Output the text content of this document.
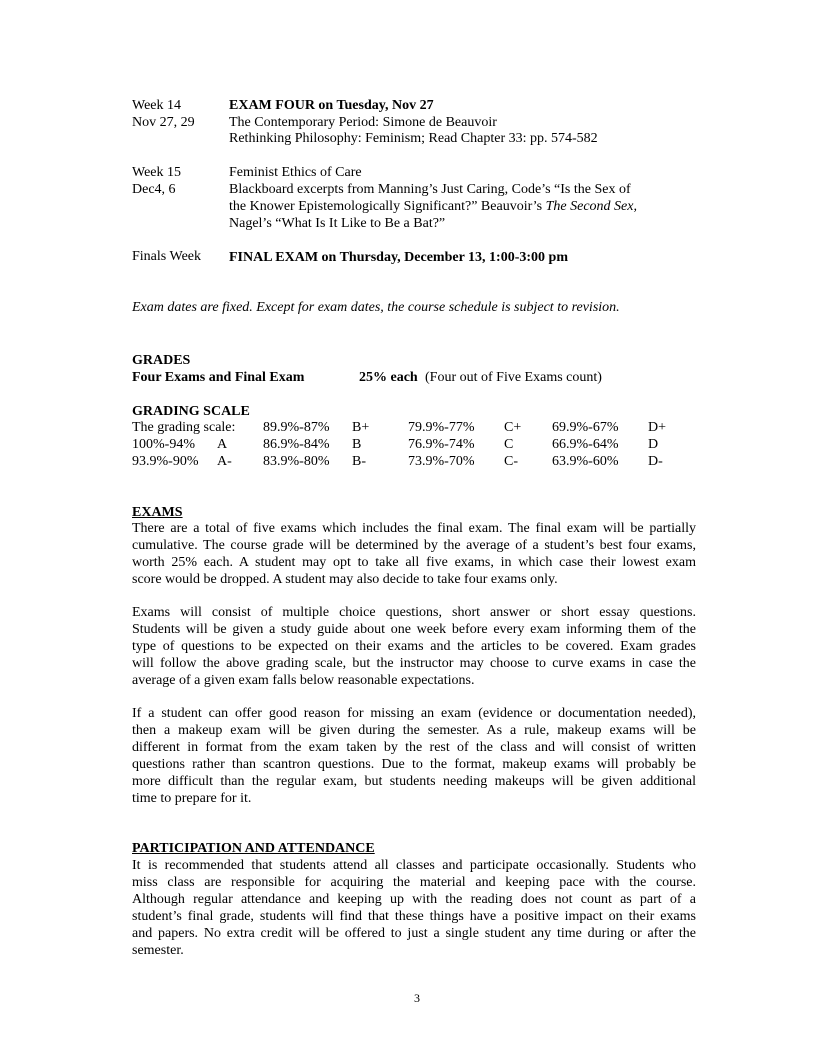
Week 14	EXAM FOUR on Tuesday, Nov 27
Nov 27, 29 The Contemporary Period: Simone de Beauvoir
Rethinking Philosophy: Feminism; Read Chapter 33: pp. 574-582
Week 15	Feminist Ethics of Care
Dec4, 6	Blackboard excerpts from Manning’s Just Caring, Code’s “Is the Sex of
the Knower Epistemologically Significant?” Beauvoir’s The Second Sex,
Nagel’s “What Is It Like to Be a Bat?”
Finals Week FINAL EXAM on Thursday, December 13, 1:00-3:00 pm
Exam dates are fixed. Except for exam dates, the course schedule is subject to revision.
GRADES
Four Exams and Final Exam	25% each (Four out of Five Exams count)
GRADING SCALE
The grading scale: 89.9%-87% B+	79.9%-77% C+ 69.9%-67% D+
100%-94% A	86.9%-84% B	76.9%-74% C	66.9%-64% D
93.9%-90% A- 83.9%-80% B-	73.9%-70% C- 63.9%-60% D-
EXAMS
There are a total of five exams which includes the final exam. The final exam will be partially
cumulative. The course grade will be determined by the average of a student’s best four exams,
worth 25% each. A student may opt to take all five exams, in which case their lowest exam
score would be dropped. A student may also decide to take four exams only.
Exams will consist of multiple choice questions, short answer or short essay questions.
Students will be given a study guide about one week before every exam informing them of the
type of questions to be expected on their exams and the articles to be covered. Exam grades
will follow the above grading scale, but the instructor may choose to curve exams in case the
average of a given exam falls below reasonable expectations.
If a student can offer good reason for missing an exam (evidence or documentation needed),
then a makeup exam will be given during the semester. As a rule, makeup exams will be
different in format from the exam taken by the rest of the class and will consist of written
questions rather than scantron questions. Due to the format, makeup exams will probably be
more difficult than the regular exam, but students needing makeups will be given additional
time to prepare for it.
PARTICIPATION AND ATTENDANCE
It is recommended that students attend all classes and participate occasionally. Students who
miss class are responsible for acquiring the material and keeping pace with the course.
Although regular attendance and keeping up with the reading does not count as part of a
student’s final grade, students will find that these things have a positive impact on their exams
and papers. No extra credit will be offered to just a single student any time during or after the
semester.
3
